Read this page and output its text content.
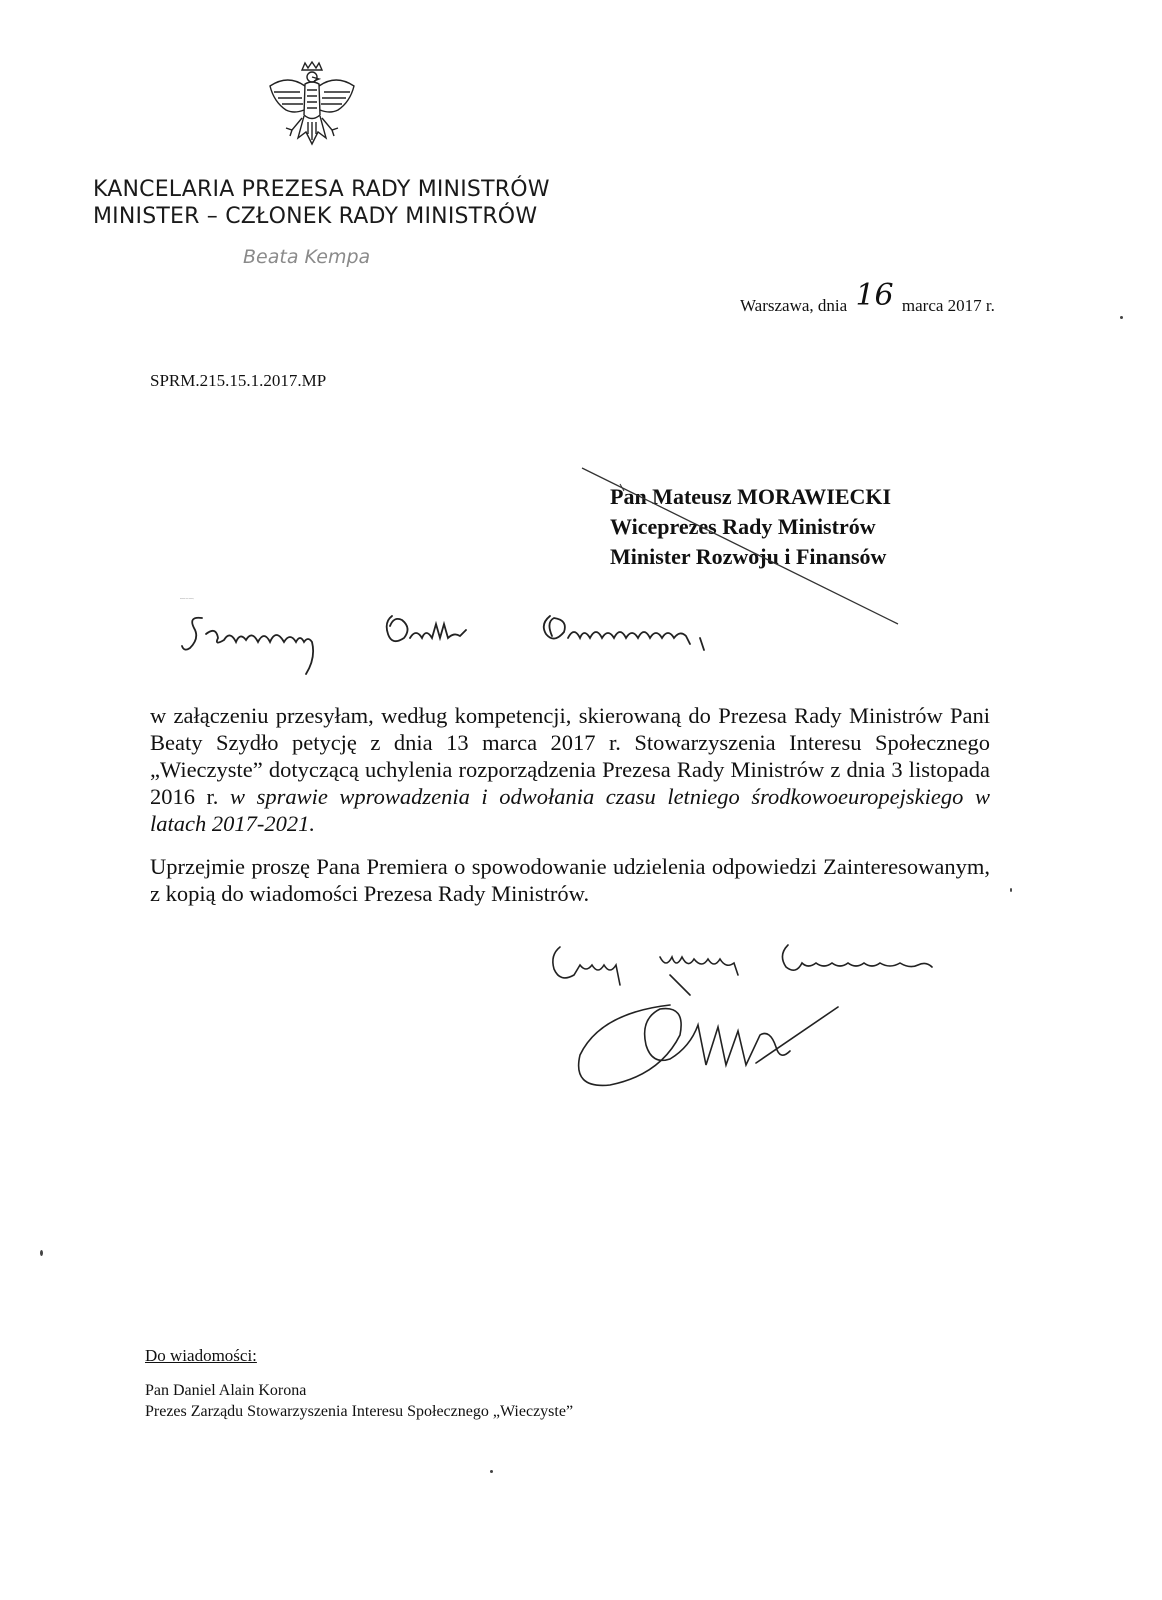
KANCELARIA PREZESA RADY MINISTRÓW
MINISTER – CZŁONEK RADY MINISTRÓW
Beata Kempa
Warszawa, dnia 16 marca 2017 r.
SPRM.215.15.1.2017.MP
Pan Mateusz MORAWIECKI
Wiceprezes Rady Ministrów
Minister Rozwoju i Finansów
w załączeniu przesyłam, według kompetencji, skierowaną do Prezesa Rady Ministrów Pani Beaty Szydło petycję z dnia 13 marca 2017 r. Stowarzyszenia Interesu Społecznego „Wieczyste” dotyczącą uchylenia rozporządzenia Prezesa Rady Ministrów z dnia 3 listopada 2016 r. w sprawie wprowadzenia i odwołania czasu letniego środkowoeuropejskiego w latach 2017-2021.
Uprzejmie proszę Pana Premiera o spowodowanie udzielenia odpowiedzi Zainteresowanym, z kopią do wiadomości Prezesa Rady Ministrów.
Łączę wyrazy szacunku
Do wiadomości:
Pan Daniel Alain Korona
Prezes Zarządu Stowarzyszenia Interesu Społecznego „Wieczyste”
